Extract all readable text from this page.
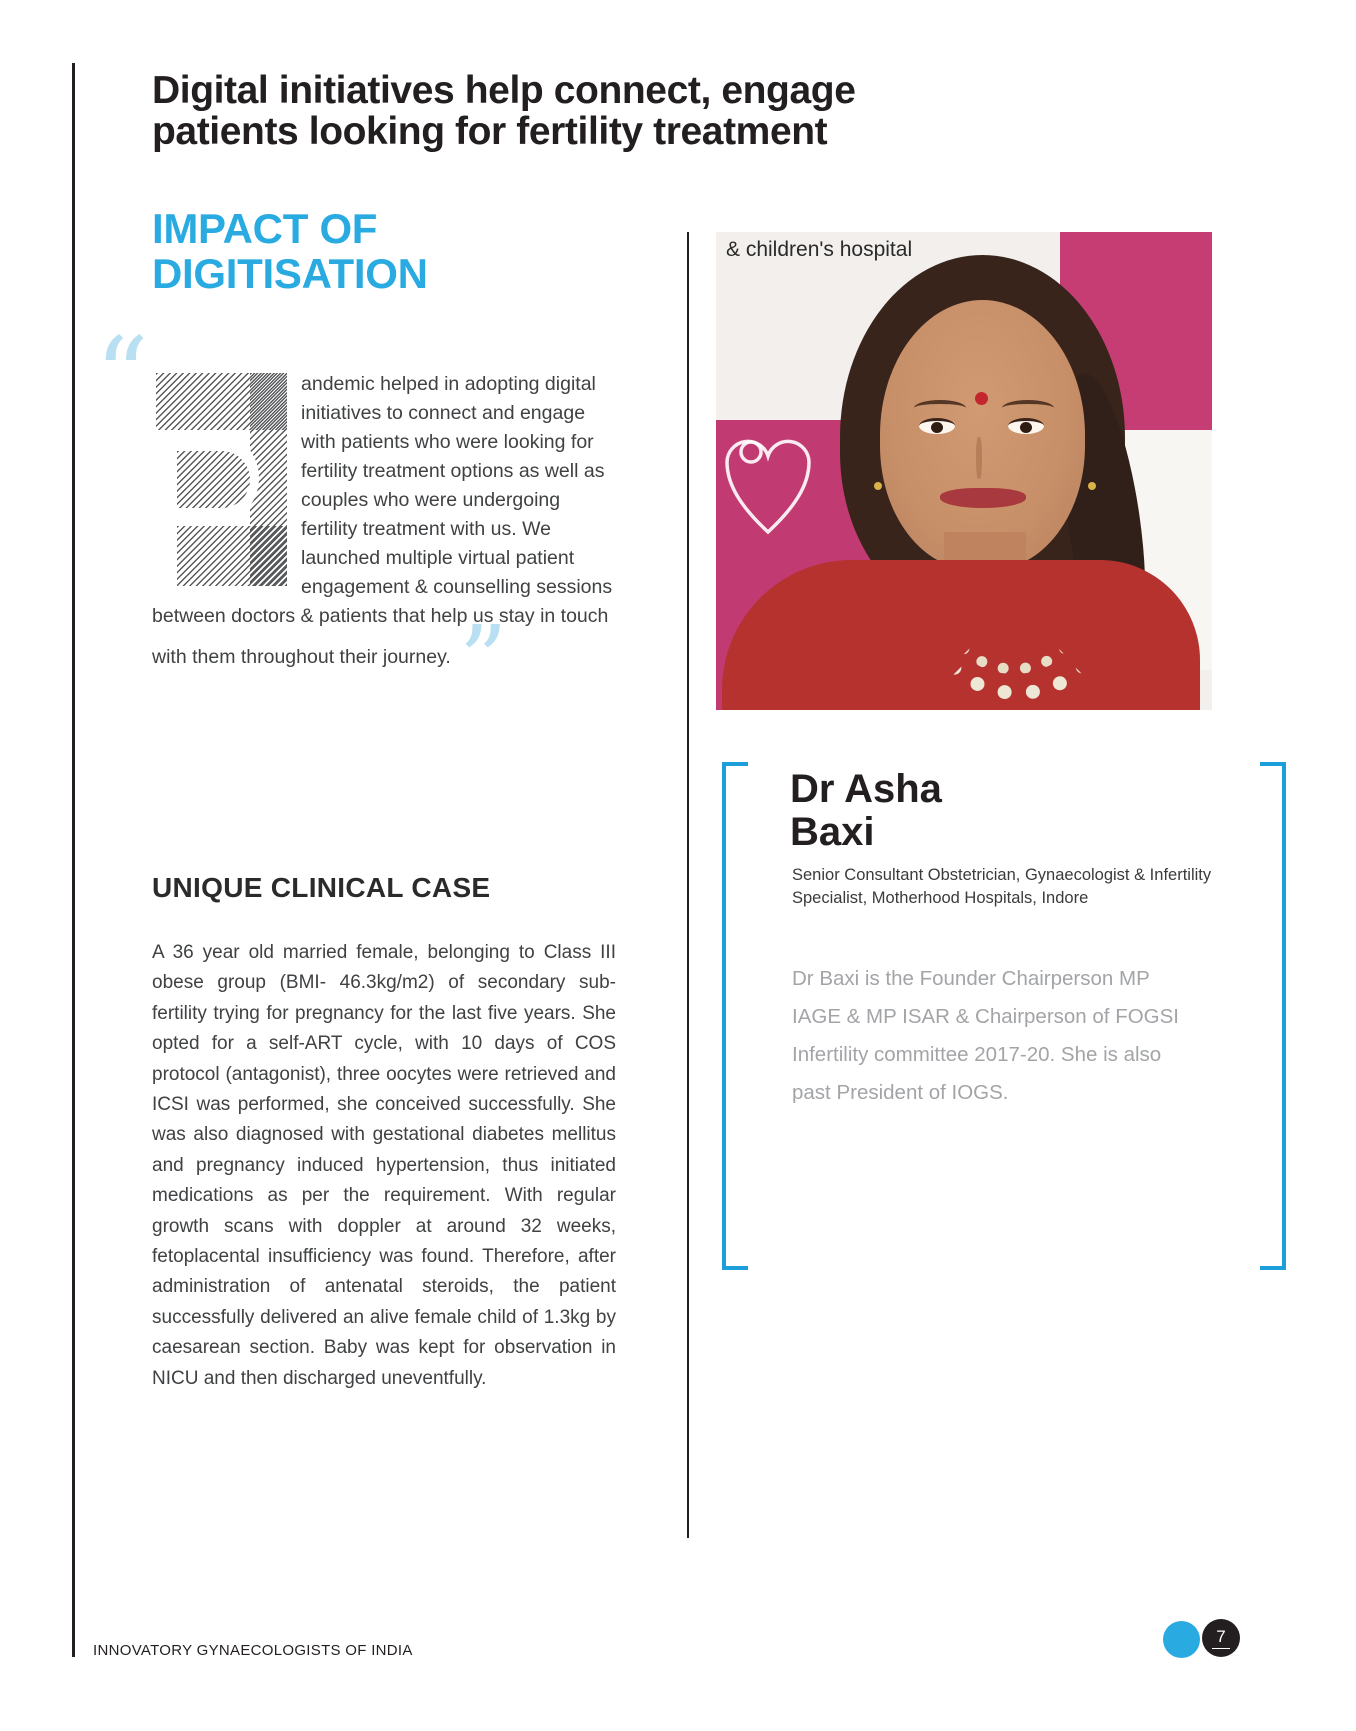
Digital initiatives help connect, engage
patients looking for fertility treatment
IMPACT OF
DIGITISATION
“	andemic helped in adopting digital initiatives to connect and engage with patients who were looking for fertility treatment options as well as couples who were undergoing fertility treatment with us. We launched multiple virtual patient engagement & counselling sessions between doctors & patients that help us stay in touch with them throughout their journey.”
UNIQUE CLINICAL CASE
A 36 year old married female, belonging to Class III obese group (BMI- 46.3kg/m2) of secondary sub-fertility trying for pregnancy for the last five years. She opted for a self-ART cycle, with 10 days of COS protocol (antagonist), three oocytes were retrieved and ICSI was performed, she conceived successfully. She was also diagnosed with gestational diabetes mellitus and pregnancy induced hypertension, thus initiated medications as per the requirement. With regular growth scans with doppler at around 32 weeks, fetoplacental insufficiency was found. Therefore, after administration of antenatal steroids, the patient successfully delivered an alive female child of 1.3kg by caesarean section. Baby was kept for observation in NICU and then discharged uneventfully.
& children's hospital
Dr Asha
Baxi
Senior Consultant Obstetrician, Gynaecologist & Infertility Specialist, Motherhood Hospitals, Indore
Dr Baxi is the Founder Chairperson MP IAGE & MP ISAR & Chairperson of FOGSI Infertility committee 2017-20. She is also past President of IOGS.
INNOVATORY GYNAECOLOGISTS OF INDIA
7
